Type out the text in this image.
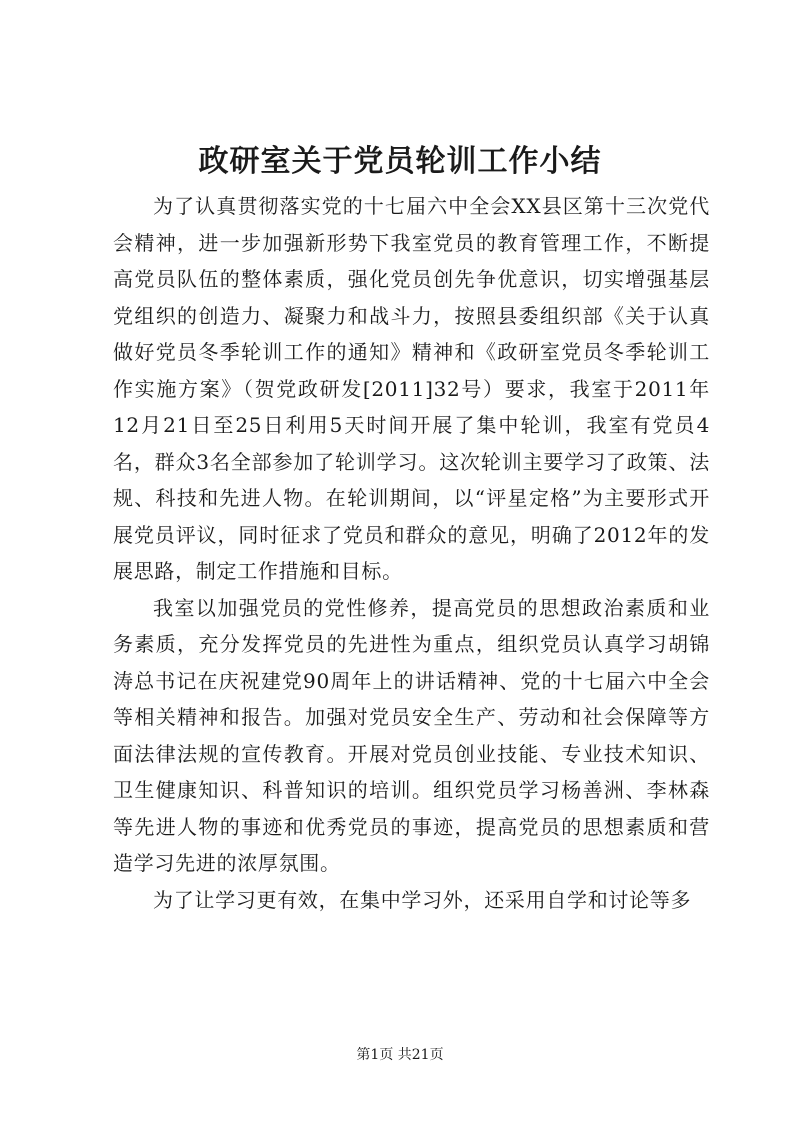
政研室关于党员轮训工作小结

为了认真贯彻落实党的十七届六中全会XX县区第十三次党代会精神，进一步加强新形势下我室党员的教育管理工作，不断提高党员队伍的整体素质，强化党员创先争优意识，切实增强基层党组织的创造力、凝聚力和战斗力，按照县委组织部《关于认真做好党员冬季轮训工作的通知》精神和《政研室党员冬季轮训工作实施方案》（贺党政研发[2011]32号）要求，我室于2011年12月21日至25日利用5天时间开展了集中轮训，我室有党员4名，群众3名全部参加了轮训学习。这次轮训主要学习了政策、法规、科技和先进人物。在轮训期间，以“评星定格”为主要形式开展党员评议，同时征求了党员和群众的意见，明确了2012年的发展思路，制定工作措施和目标。

我室以加强党员的党性修养，提高党员的思想政治素质和业务素质，充分发挥党员的先进性为重点，组织党员认真学习胡锦涛总书记在庆祝建党90周年上的讲话精神、党的十七届六中全会等相关精神和报告。加强对党员安全生产、劳动和社会保障等方面法律法规的宣传教育。开展对党员创业技能、专业技术知识、卫生健康知识、科普知识的培训。组织党员学习杨善洲、李林森等先进人物的事迹和优秀党员的事迹，提高党员的思想素质和营造学习先进的浓厚氛围。

为了让学习更有效，在集中学习外，还采用自学和讨论等多

第1页 共21页
